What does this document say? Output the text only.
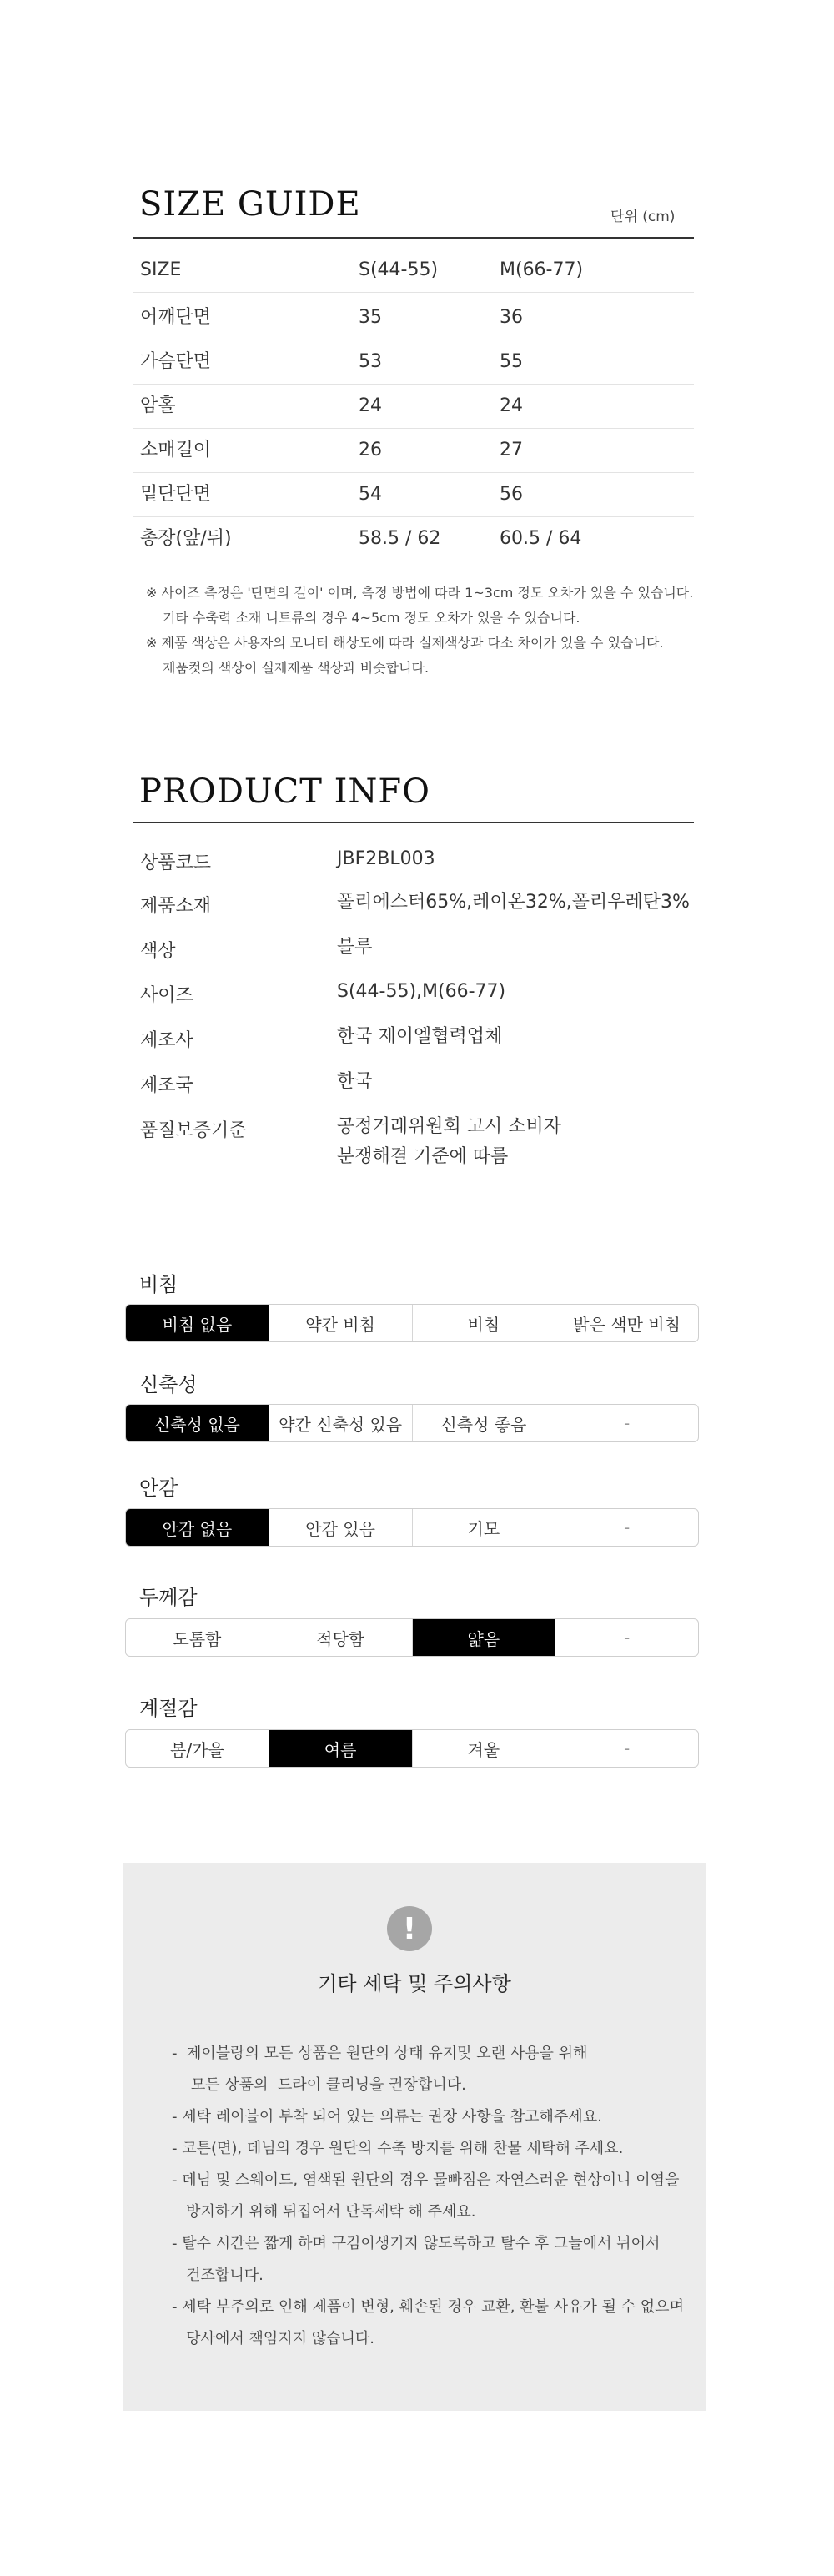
SIZE GUIDE	단위 (cm)
SIZE	S(44-55)	M(66-77)
어깨단면	35	36
가슴단면	53	55
암홀	24	24
소매길이	26	27
밑단단면	54	56
총장(앞/뒤)	58.5 / 62	60.5 / 64
※ 사이즈 측정은 '단면의 길이' 이며, 측정 방법에 따라 1~3cm 정도 오차가 있을 수 있습니다.
기타 수축력 소재 니트류의 경우 4~5cm 정도 오차가 있을 수 있습니다.
※ 제품 색상은 사용자의 모니터 해상도에 따라 실제색상과 다소 차이가 있을 수 있습니다.
제품컷의 색상이 실제제품 색상과 비슷합니다.
PRODUCT INFO
상품코드	JBF2BL003
제품소재	폴리에스터65%,레이온32%,폴리우레탄3%
색상	블루
사이즈	S(44-55),M(66-77)
제조사	한국 제이엘협력업체
제조국	한국
품질보증기준	공정거래위원회 고시 소비자
분쟁해결 기준에 따름
비침
비침 없음	약간 비침	비침	밝은 색만 비침
신축성
신축성 없음	약간 신축성 있음	신축성 좋음	-
안감
안감 없음	안감 있음	기모	-
두께감
도톰함	적당함	얇음	-
계절감
봄/가을	여름	겨울	-
!
기타 세탁 및 주의사항
-  제이블랑의 모든 상품은 원단의 상태 유지및 오랜 사용을 위해
모든 상품의  드라이 클리닝을 권장합니다.
- 세탁 레이블이 부착 되어 있는 의류는 권장 사항을 참고해주세요.
- 코튼(면), 데님의 경우 원단의 수축 방지를 위해 찬물 세탁해 주세요.
- 데님 및 스웨이드, 염색된 원단의 경우 물빠짐은 자연스러운 현상이니 이염을
방지하기 위해 뒤집어서 단독세탁 해 주세요.
- 탈수 시간은 짧게 하며 구김이생기지 않도록하고 탈수 후 그늘에서 뉘어서
건조합니다.
- 세탁 부주의로 인해 제품이 변형, 훼손된 경우 교환, 환불 사유가 될 수 없으며
당사에서 책임지지 않습니다.
